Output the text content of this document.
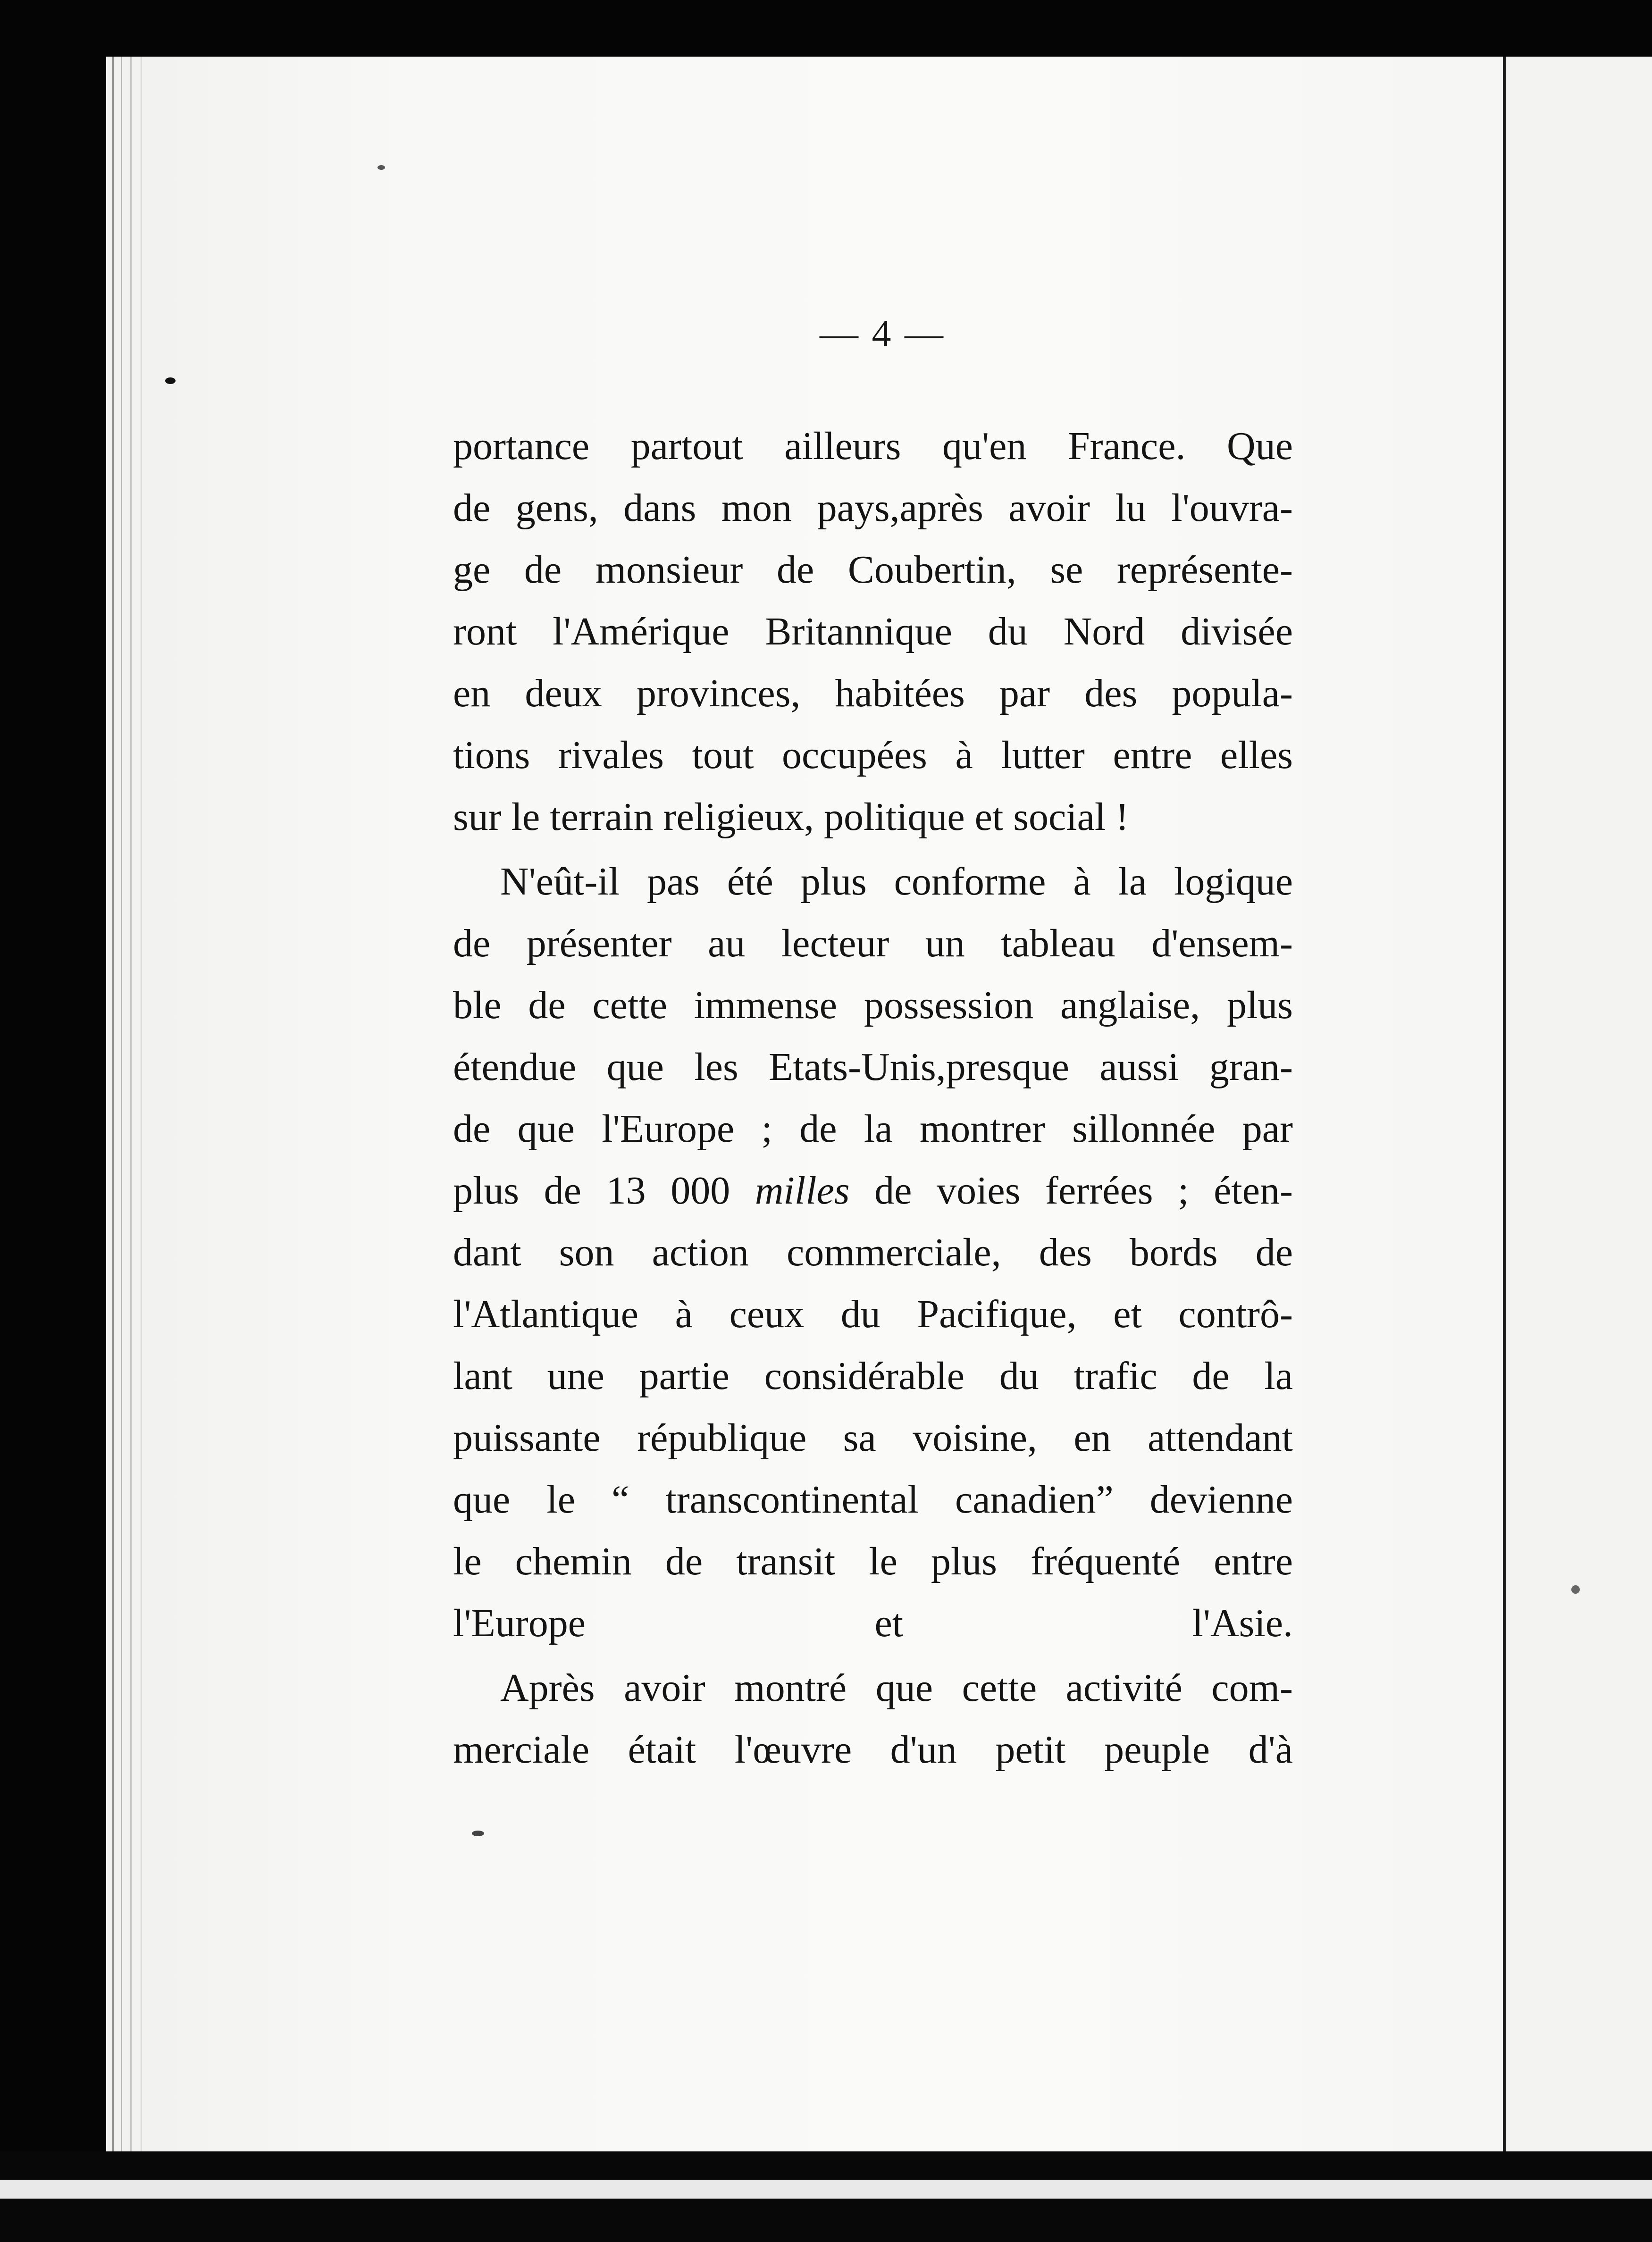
— 4 —

portance partout ailleurs qu'en France. Que
de gens, dans mon pays,après avoir lu l'ouvra-
ge de monsieur de Coubertin, se représente-
ront l'Amérique Britannique du Nord divisée
en deux provinces, habitées par des popula-
tions rivales tout occupées à lutter entre elles
sur le terrain religieux, politique et social !

N'eût-il pas été plus conforme à la logique
de présenter au lecteur un tableau d'ensem-
ble de cette immense possession anglaise, plus
étendue que les Etats-Unis,presque aussi gran-
de que l'Europe ; de la montrer sillonnée par
plus de 13 000 milles de voies ferrées ; éten-
dant son action commerciale, des bords de
l'Atlantique à ceux du Pacifique, et contrô-
lant une partie considérable du trafic de la
puissante république sa voisine, en attendant
que le “ transcontinental canadien” devienne
le chemin de transit le plus fréquenté entre
l'Europe et l'Asie.

Après avoir montré que cette activité com-
merciale était l'œuvre d'un petit peuple d'à
